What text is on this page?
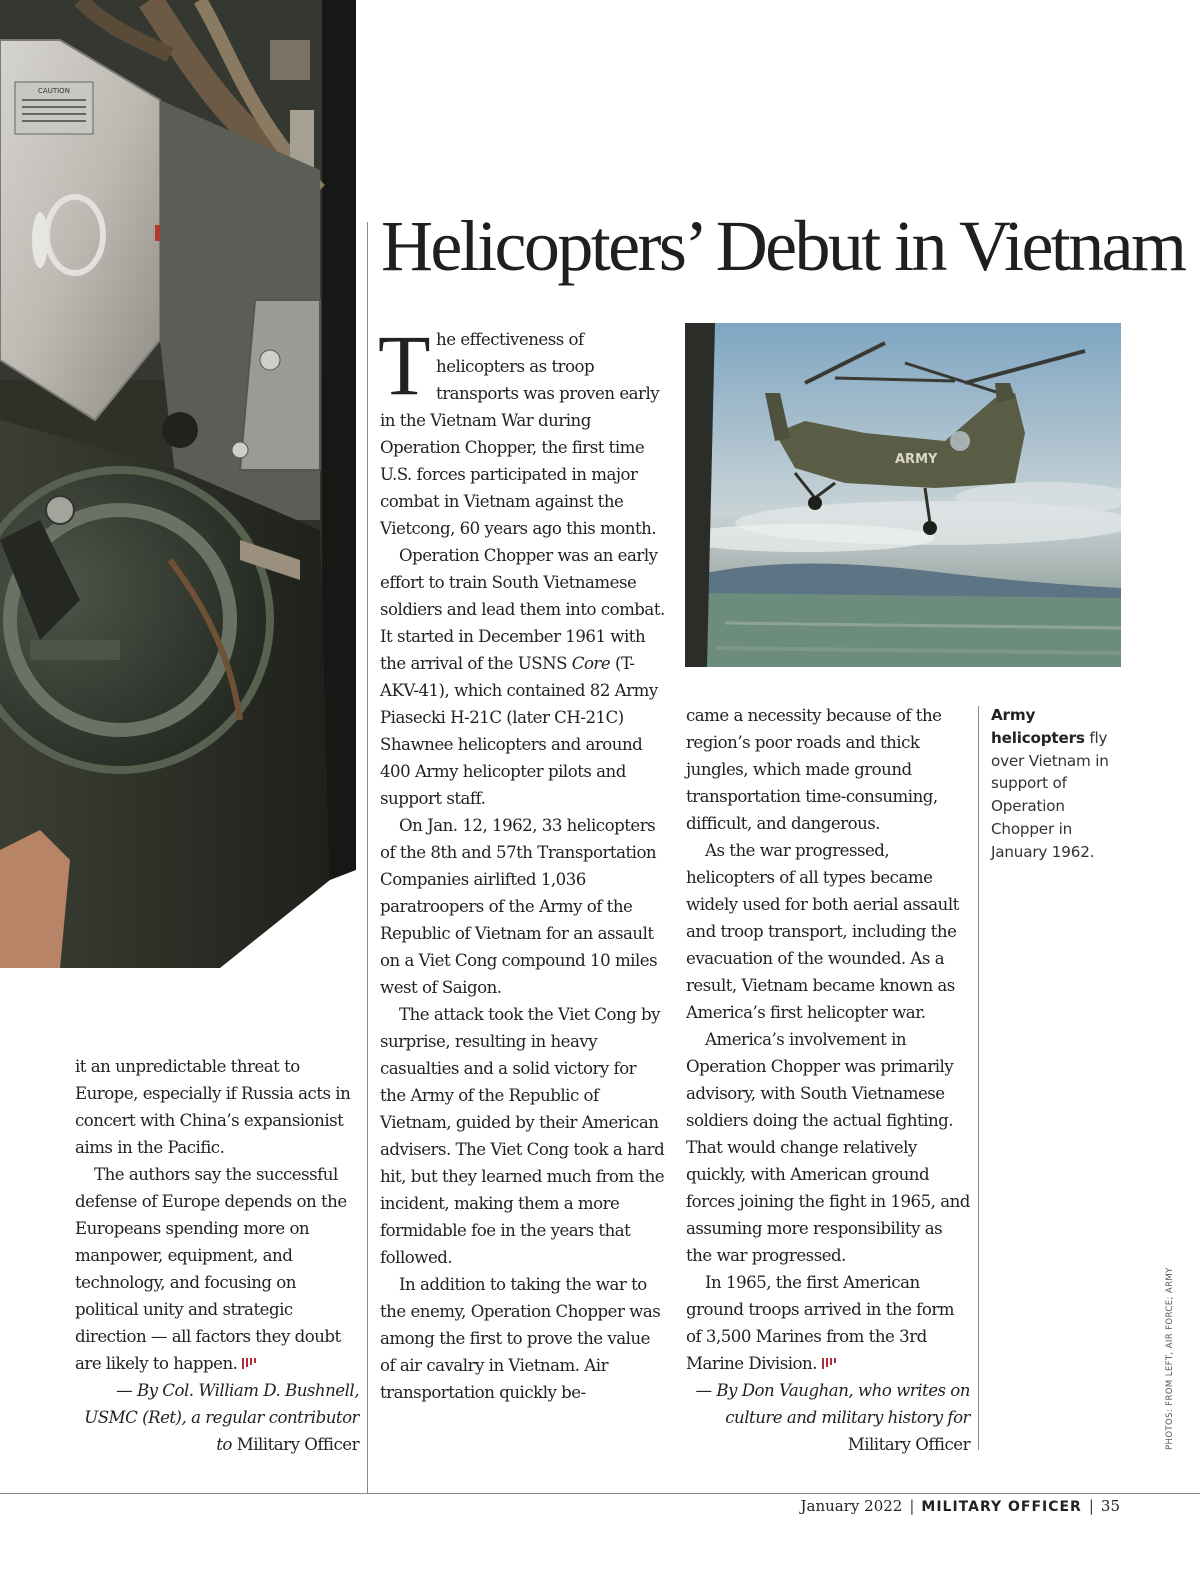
CAUTION
Helicopters’ Debut in Vietnam

it an unpredictable threat to Europe, especially if Russia acts in concert with China’s expansionist aims in the Pacific.

The authors say the successful defense of Europe depends on the Europeans spending more on manpower, equipment, and technology, and focusing on political unity and strategic direction — all factors they doubt are likely to happen.

— By Col. William D. Bushnell, USMC (Ret), a regular contributor to Military Officer

The effectiveness of helicopters as troop transports was proven early in the Vietnam War during Operation Chopper, the first time U.S. forces participated in major combat in Vietnam against the Vietcong, 60 years ago this month.

Operation Chopper was an early effort to train South Vietnamese soldiers and lead them into combat. It started in December 1961 with the arrival of the USNS Core (T-AKV-41), which contained 82 Army Piasecki H-21C (later CH-21C) Shawnee helicopters and around 400 Army helicopter pilots and support staff.

On Jan. 12, 1962, 33 helicopters of the 8th and 57th Transportation Companies airlifted 1,036 paratroopers of the Army of the Republic of Vietnam for an assault on a Viet Cong compound 10 miles west of Saigon.

The attack took the Viet Cong by surprise, resulting in heavy casualties and a solid victory for the Army of the Republic of Vietnam, guided by their American advisers. The Viet Cong took a hard hit, but they learned much from the incident, making them a more formidable foe in the years that followed.

In addition to taking the war to the enemy, Operation Chopper was among the first to prove the value of air cavalry in Vietnam. Air transportation quickly be-

ARMY

came a necessity because of the region’s poor roads and thick jungles, which made ground transportation time-consuming, difficult, and dangerous.

As the war progressed, helicopters of all types became widely used for both aerial assault and troop transport, including the evacuation of the wounded. As a result, Vietnam became known as America’s first helicopter war.

America’s involvement in Operation Chopper was primarily advisory, with South Vietnamese soldiers doing the actual fighting. That would change relatively quickly, with American ground forces joining the fight in 1965, and assuming more responsibility as the war progressed.

In 1965, the first American ground troops arrived in the form of 3,500 Marines from the 3rd Marine Division.

— By Don Vaughan, who writes on culture and military history for Military Officer

Army helicopters fly over Vietnam in support of Operation Chopper in January 1962.
PHOTOS: FROM LEFT, AIR FORCE; ARMY
January 2022 | MILITARY OFFICER | 35
